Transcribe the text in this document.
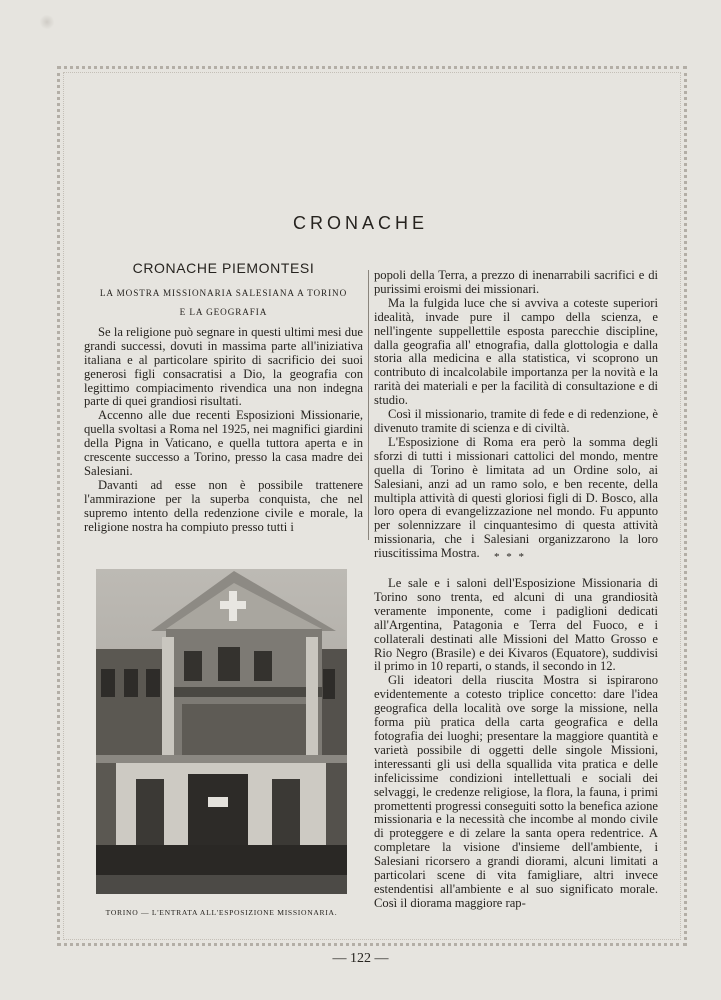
CRONACHE
CRONACHE PIEMONTESI
LA MOSTRA MISSIONARIA SALESIANA A TORINO
E LA GEOGRAFIA

Se la religione può segnare in questi ultimi mesi due grandi successi, dovuti in massima parte all'iniziativa italiana e al particolare spirito di sacrificio dei suoi generosi figli consacratisi a Dio, la geografia con legittimo compiacimento rivendica una non indegna parte di quei grandiosi risultati.

Accenno alle due recenti Esposizioni Missionarie, quella svoltasi a Roma nel 1925, nei magnifici giardini della Pigna in Vaticano, e quella tuttora aperta e in crescente successo a Torino, presso la casa madre dei Salesiani.

Davanti ad esse non è possibile trattenere l'ammirazione per la superba conquista, che nel supremo intento della redenzione civile e morale, la religione nostra ha compiuto presso tutti i

popoli della Terra, a prezzo di inenarrabili sacrifici e di purissimi eroismi dei missionari.

Ma la fulgida luce che si avviva a coteste superiori idealità, invade pure il campo della scienza, e nell'ingente suppellettile esposta parecchie discipline, dalla geografia all' etnografia, dalla glottologia e dalla storia alla medicina e alla statistica, vi scoprono un contributo di incalcolabile importanza per la novità e la rarità dei materiali e per la facilità di consultazione e di studio.

Così il missionario, tramite di fede e di redenzione, è divenuto tramite di scienza e di civiltà.

L'Esposizione di Roma era però la somma degli sforzi di tutti i missionari cattolici del mondo, mentre quella di Torino è limitata ad un Ordine solo, ai Salesiani, anzi ad un ramo solo, e ben recente, della multipla attività di questi gloriosi figli di D. Bosco, alla loro opera di evangelizzazione nel mondo. Fu appunto per solennizzare il cinquantesimo di questa attività missionaria, che i Salesiani organizzarono la loro riuscitissima Mostra.	* * *

Le sale e i saloni dell'Esposizione Missionaria di Torino sono trenta, ed alcuni di una grandiosità veramente imponente, come i padiglioni dedicati all'Argentina, Patagonia e Terra del Fuoco, e i collaterali destinati alle Missioni del Matto Grosso e Rio Negro (Brasile) e dei Kivaros (Equatore), suddivisi il primo in 10 reparti, o stands, il secondo in 12.

Gli ideatori della riuscita Mostra si ispirarono evidentemente a cotesto triplice concetto: dare l'idea geografica della località ove sorge la missione, nella forma più pratica della carta geografica e della fotografia dei luoghi; presentare la maggiore quantità e varietà possibile di oggetti delle singole Missioni, interessanti gli usi della squallida vita pratica e delle infelicissime condizioni intellettuali e sociali dei selvaggi, le credenze religiose, la flora, la fauna, i primi promettenti progressi conseguiti sotto la benefica azione missionaria e la necessità che incombe al mondo civile di proteggere e di zelare la santa opera redentrice. A completare la visione d'insieme dell'ambiente, i Salesiani ricorsero a grandi diorami, alcuni limitati a particolari scene di vita famigliare, altri invece estendentisi all'ambiente e al suo significato morale. Così il diorama maggiore rap-

TORINO — L'ENTRATA ALL'ESPOSIZIONE MISSIONARIA.
— 122 —
